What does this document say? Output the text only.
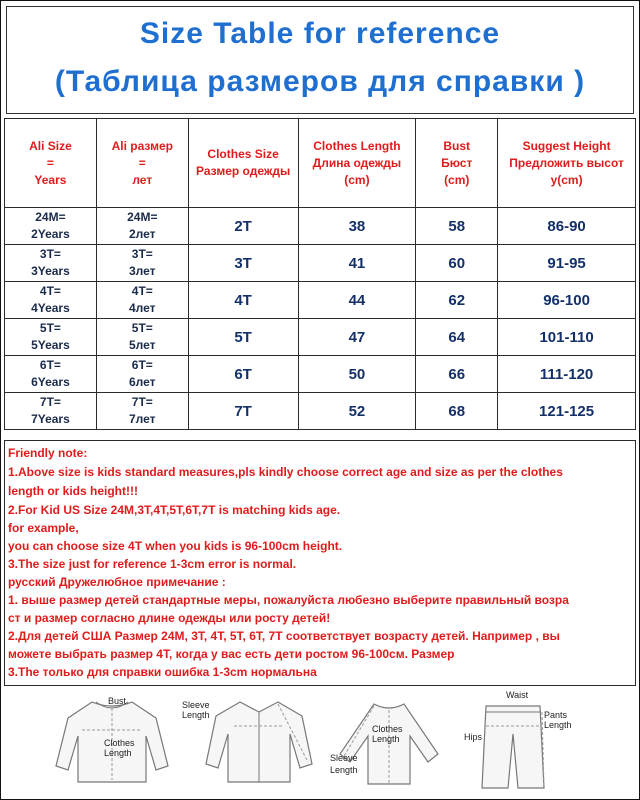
Size Table for reference
(Таблица размеров для справки )
Ali Size
=
Years	Ali размер
=
лет	Clothes Size
Размер одежды	Clothes Length
Длина одежды
(cm)	Bust
Бюст
(cm)	Suggest Height
Предложить высот
у(cm)
24M=
2Years	24M=
2лет	2T	38	58	86-90
3T=
3Years	3T=
3лет	3T	41	60	91-95
4T=
4Years	4T=
4лет	4T	44	62	96-100
5T=
5Years	5T=
5лет	5T	47	64	101-110
6T=
6Years	6T=
6лет	6T	50	66	111-120
7T=
7Years	7T=
7лет	7T	52	68	121-125
Friendly note:
1.Above size is kids standard measures,pls kindly choose correct age and size as per the clothes
length or kids height!!!
2.For Kid US Size 24M,3T,4T,5T,6T,7T is matching kids age.
for example,
you can choose size 4T when you kids is 96-100cm height.
3.The size just for reference 1-3cm error is normal.
русский Дружелюбное примечание :
1. выше размер детей стандартные меры, пожалуйста любезно выберите правильный возра
ст и размер согласно длине одежды или росту детей!
2.Для детей США Размер 24M, 3T, 4T, 5T, 6T, 7T соответствует возрасту детей. Например , вы
можете выбрать размер 4T, когда у вас есть дети ростом 96-100см. Размер
3.The только для справки ошибка 1-3cm нормальна
Bust
Clothes
Length
Sleeve
Length
Clothes
Length
Sleeve
Length
Waist
Hips
Pants
Length
